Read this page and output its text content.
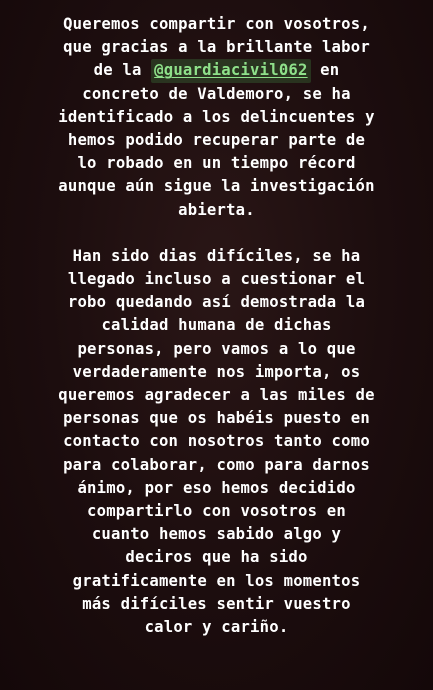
Queremos compartir con vosotros,
que gracias a la brillante labor
de la @guardiacivil062 en
concreto de Valdemoro, se ha
identificado a los delincuentes y
hemos podido recuperar parte de
lo robado en un tiempo récord
aunque aún sigue la investigación
abierta.
Han sido dias difíciles, se ha
llegado incluso a cuestionar el
robo quedando así demostrada la
calidad humana de dichas
personas, pero vamos a lo que
verdaderamente nos importa, os
queremos agradecer a las miles de
personas que os habéis puesto en
contacto con nosotros tanto como
para colaborar, como para darnos
ánimo, por eso hemos decidido
compartirlo con vosotros en
cuanto hemos sabido algo y
deciros que ha sido
gratificamente en los momentos
más difíciles sentir vuestro
calor y cariño.
